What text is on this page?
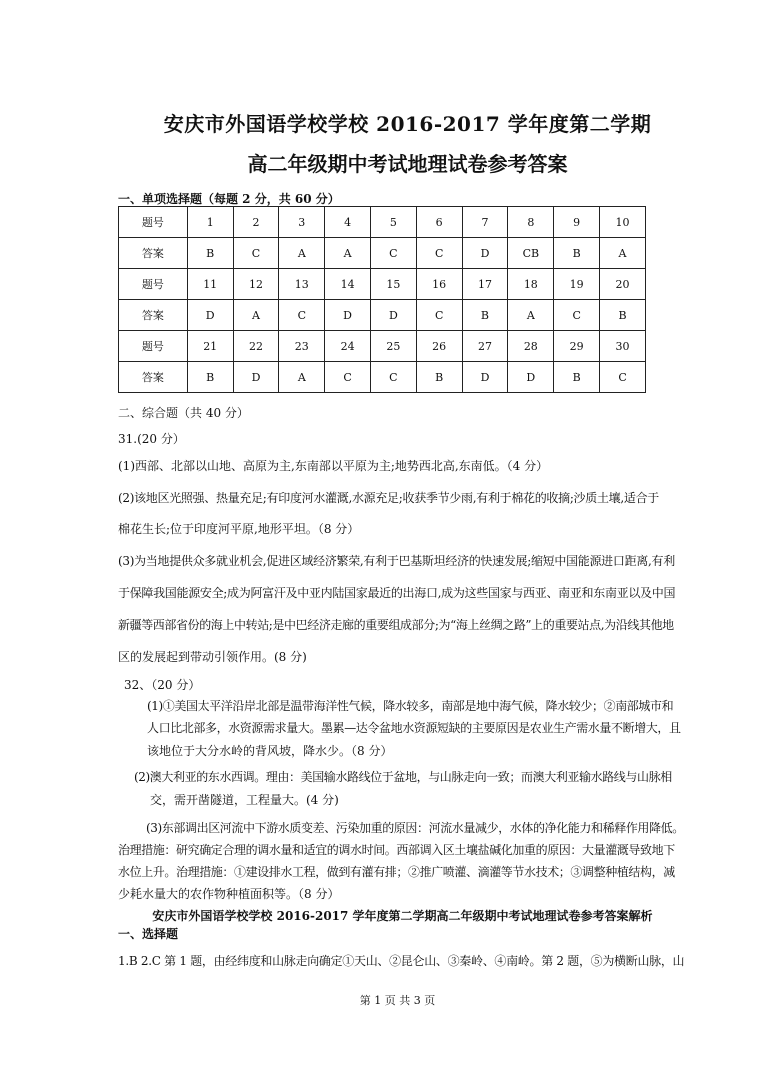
安庆市外国语学校学校 2016-2017 学年度第二学期
高二年级期中考试地理试卷参考答案
一、单项选择题（每题 2 分，共 60 分）
题号	1	2	3	4	5	6	7	8	9	10
答案	B	C	A	A	C	C	D	CB	B	A
题号	11	12	13	14	15	16	17	18	19	20
答案	D	A	C	D	D	C	B	A	C	B
题号	21	22	23	24	25	26	27	28	29	30
答案	B	D	A	C	C	B	D	D	B	C
二、综合题（共 40 分）
31.(20 分）
(1)西部、北部以山地、高原为主,东南部以平原为主;地势西北高,东南低。（4 分）
(2)该地区光照强、热量充足;有印度河水灌溉,水源充足;收获季节少雨,有利于棉花的收摘;沙质土壤,适合于
棉花生长;位于印度河平原,地形平坦。（8 分）
(3)为当地提供众多就业机会,促进区域经济繁荣,有利于巴基斯坦经济的快速发展;缩短中国能源进口距离,有利
于保障我国能源安全;成为阿富汗及中亚内陆国家最近的出海口,成为这些国家与西亚、南亚和东南亚以及中国
新疆等西部省份的海上中转站;是中巴经济走廊的重要组成部分;为“海上丝绸之路”上的重要站点,为沿线其他地
区的发展起到带动引领作用。(8 分)
32、（20 分）
(1)①美国太平洋沿岸北部是温带海洋性气候，降水较多，南部是地中海气候，降水较少；②南部城市和
人口比北部多，水资源需求量大。墨累—达令盆地水资源短缺的主要原因是农业生产需水量不断增大，且
该地位于大分水岭的背风坡，降水少。（8 分）
(2)澳大利亚的东水西调。理由：美国输水路线位于盆地，与山脉走向一致；而澳大利亚输水路线与山脉相
交，需开凿隧道，工程量大。(4 分)
(3)东部调出区河流中下游水质变差、污染加重的原因：河流水量减少，水体的净化能力和稀释作用降低。
治理措施：研究确定合理的调水量和适宜的调水时间。西部调入区土壤盐碱化加重的原因：大量灌溉导致地下
水位上升。治理措施：①建设排水工程，做到有灌有排；②推广喷灌、滴灌等节水技术；③调整种植结构，减
少耗水量大的农作物种植面积等。（8 分）
安庆市外国语学校学校 2016-2017 学年度第二学期高二年级期中考试地理试卷参考答案解析
一、选择题
1.B 2.C 第 1 题，由经纬度和山脉走向确定①天山、②昆仑山、③秦岭、④南岭。第 2 题，⑤为横断山脉，山
第 1 页 共 3 页
